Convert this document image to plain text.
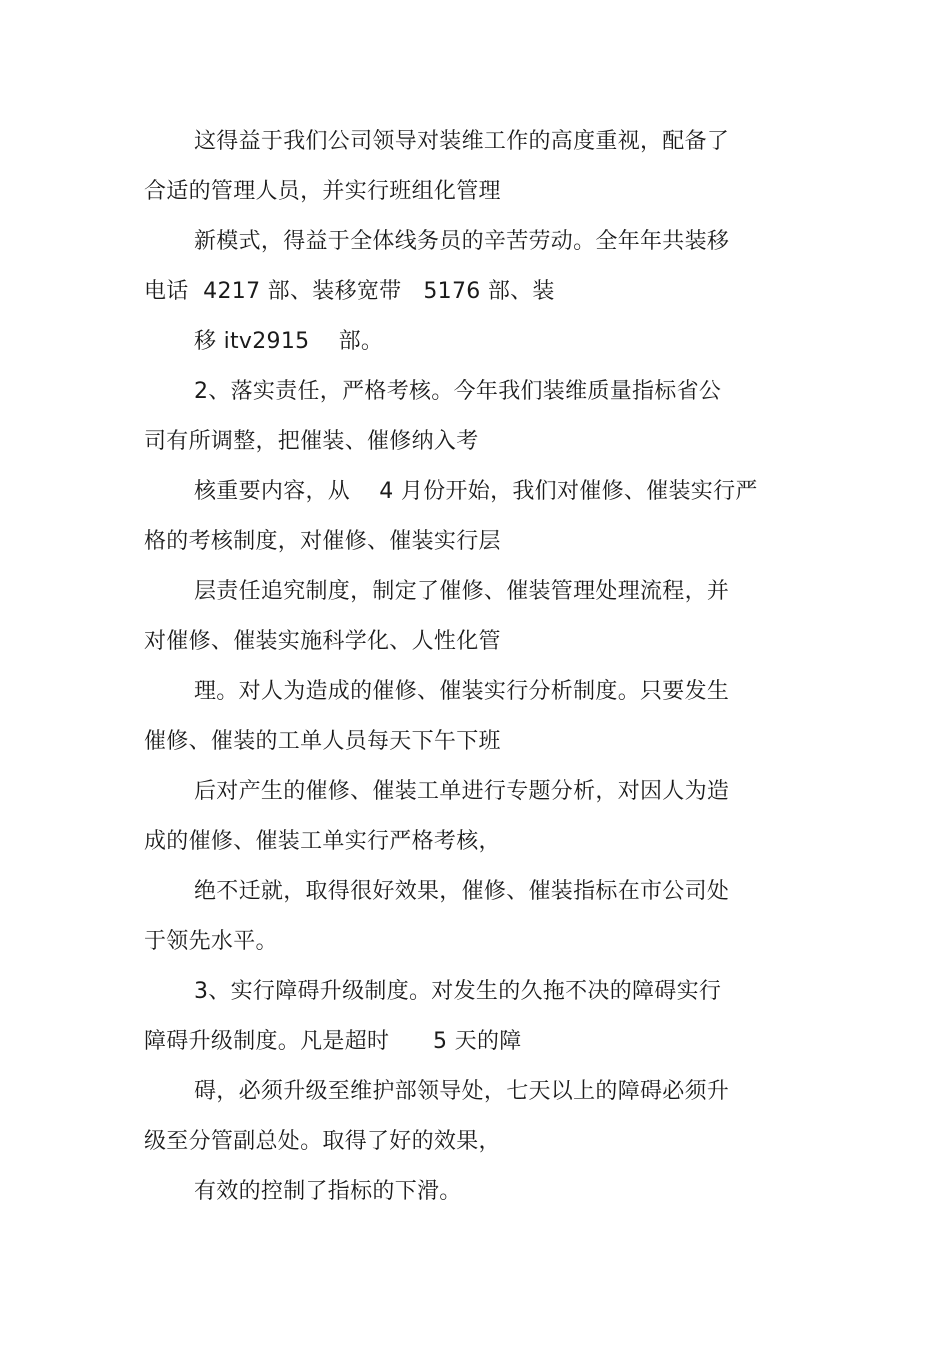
这得益于我们公司领导对装维工作的高度重视，配备了
合适的管理人员，并实行班组化管理
新模式，得益于全体线务员的辛苦劳动。全年年共装移
电话  4217 部、装移宽带   5176 部、装
移 itv2915    部。
2、落实责任，严格考核。今年我们装维质量指标省公
司有所调整，把催装、催修纳入考
核重要内容，从    4 月份开始，我们对催修、催装实行严
格的考核制度，对催修、催装实行层
层责任追究制度，制定了催修、催装管理处理流程，并
对催修、催装实施科学化、人性化管
理。对人为造成的催修、催装实行分析制度。只要发生
催修、催装的工单人员每天下午下班
后对产生的催修、催装工单进行专题分析，对因人为造
成的催修、催装工单实行严格考核，
绝不迁就，取得很好效果，催修、催装指标在市公司处
于领先水平。
3、实行障碍升级制度。对发生的久拖不决的障碍实行
障碍升级制度。凡是超时      5 天的障
碍，必须升级至维护部领导处，七天以上的障碍必须升
级至分管副总处。取得了好的效果，
有效的控制了指标的下滑。
